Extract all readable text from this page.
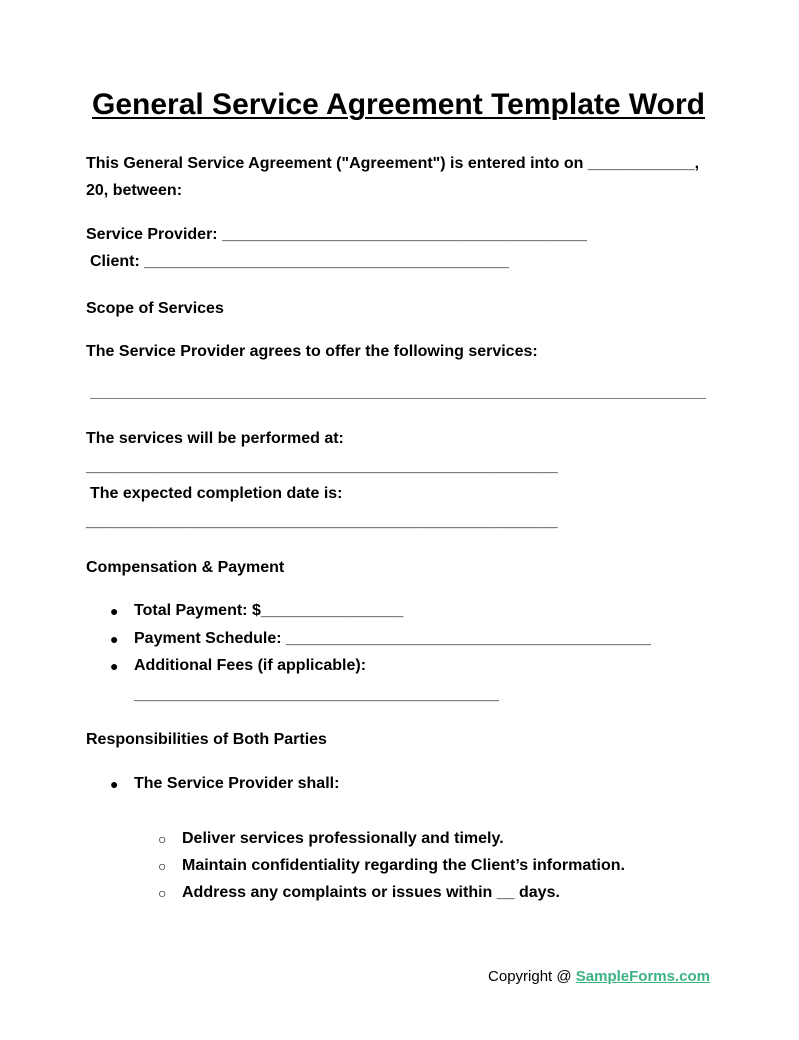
General Service Agreement Template Word
This General Service Agreement ("Agreement") is entered into on ____________,
20, between:
Service Provider: _________________________________________
Client: _________________________________________
Scope of Services
The Service Provider agrees to offer the following services:
The services will be performed at:
_____________________________________________________
The expected completion date is:
_____________________________________________________
Compensation & Payment
● Total Payment: $________________
● Payment Schedule: _________________________________________
● Additional Fees (if applicable):
_________________________________________
Responsibilities of Both Parties
● The Service Provider shall:
○ Deliver services professionally and timely.
○ Maintain confidentiality regarding the Client’s information.
○ Address any complaints or issues within __ days.
Copyright @ SampleForms.com
